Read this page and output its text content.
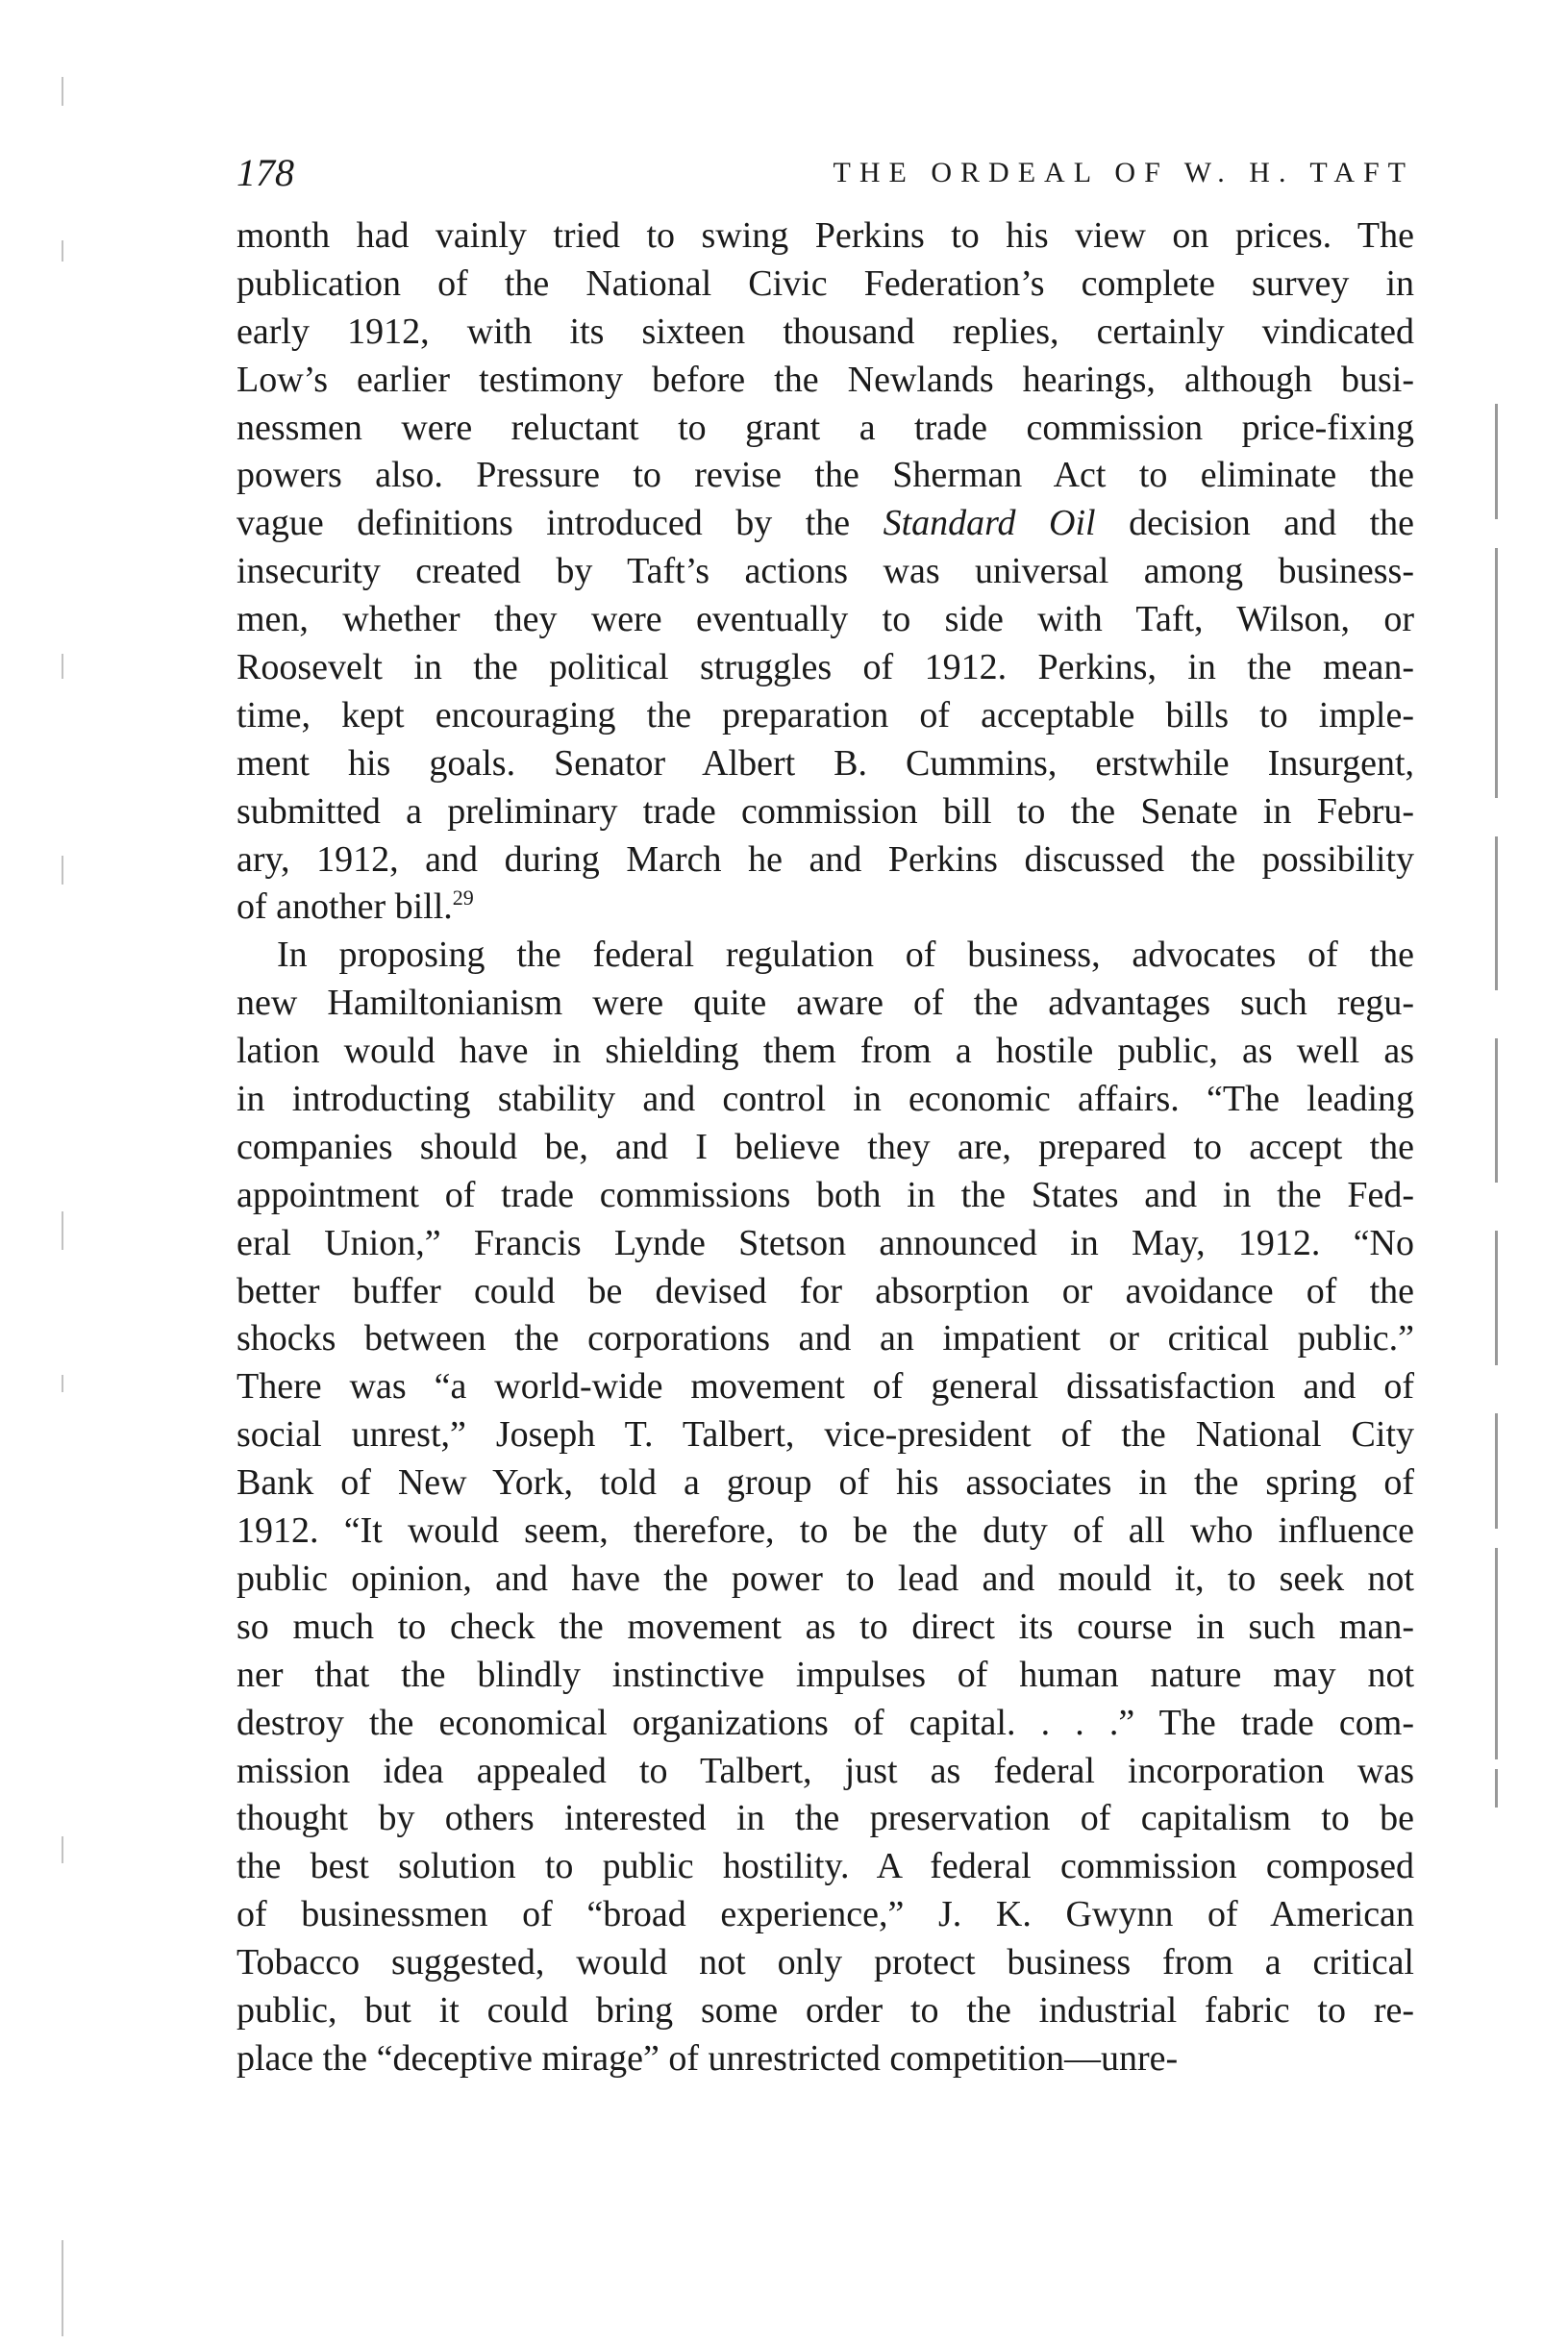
178	THE ORDEAL OF W. H. TAFT
month had vainly tried to swing Perkins to his view on prices. The
publication of the National Civic Federation’s complete survey in
early 1912, with its sixteen thousand replies, certainly vindicated
Low’s earlier testimony before the Newlands hearings, although busi-
nessmen were reluctant to grant a trade commission price-fixing
powers also. Pressure to revise the Sherman Act to eliminate the
vague definitions introduced by the Standard Oil decision and the
insecurity created by Taft’s actions was universal among business-
men, whether they were eventually to side with Taft, Wilson, or
Roosevelt in the political struggles of 1912. Perkins, in the mean-
time, kept encouraging the preparation of acceptable bills to imple-
ment his goals. Senator Albert B. Cummins, erstwhile Insurgent,
submitted a preliminary trade commission bill to the Senate in Febru-
ary, 1912, and during March he and Perkins discussed the possibility
of another bill.$^{29}$
In proposing the federal regulation of business, advocates of the
new Hamiltonianism were quite aware of the advantages such regu-
lation would have in shielding them from a hostile public, as well as
in introducting stability and control in economic affairs. “The leading
companies should be, and I believe they are, prepared to accept the
appointment of trade commissions both in the States and in the Fed-
eral Union,” Francis Lynde Stetson announced in May, 1912. “No
better buffer could be devised for absorption or avoidance of the
shocks between the corporations and an impatient or critical public.”
There was “a world-wide movement of general dissatisfaction and of
social unrest,” Joseph T. Talbert, vice-president of the National City
Bank of New York, told a group of his associates in the spring of
1912. “It would seem, therefore, to be the duty of all who influence
public opinion, and have the power to lead and mould it, to seek not
so much to check the movement as to direct its course in such man-
ner that the blindly instinctive impulses of human nature may not
destroy the economical organizations of capital. . . .” The trade com-
mission idea appealed to Talbert, just as federal incorporation was
thought by others interested in the preservation of capitalism to be
the best solution to public hostility. A federal commission composed
of businessmen of “broad experience,” J. K. Gwynn of American
Tobacco suggested, would not only protect business from a critical
public, but it could bring some order to the industrial fabric to re-
place the “deceptive mirage” of unrestricted competition—unre-
